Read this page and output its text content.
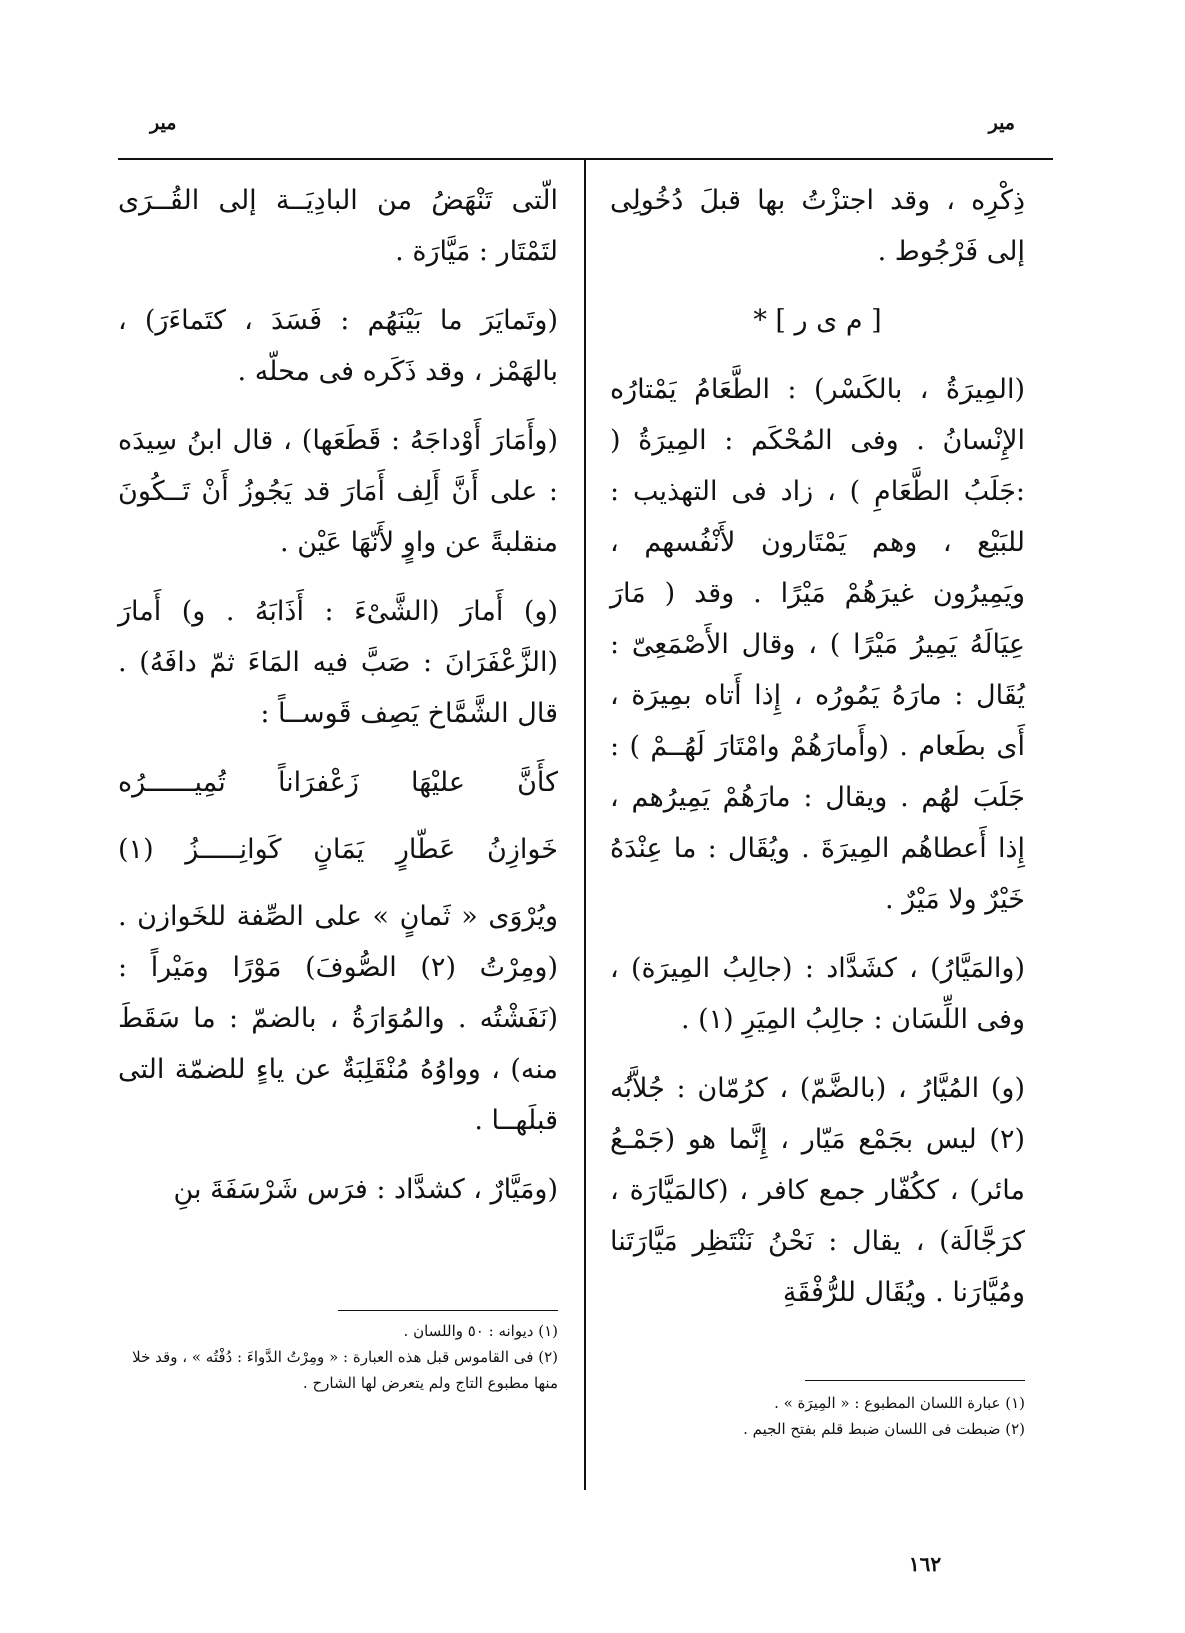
مير
مير

ذِكْرِه ، وقد اجتزْتُ بها قبلَ دُخُولِى إلى فَرْجُوط .

[ م ى ر ] *

(المِيرَةُ ، بالكَسْر) : الطَّعَامُ يَمْتارُه الإِنْسانُ . وفى المُحْكَم : المِيرَةُ ( :جَلَبُ الطَّعَامِ ) ، زاد فى التهذيب : للبَيْع ، وهم يَمْتَارون لأَنْفُسهم ، ويَمِيرُون غيرَهُمْ مَيْرًا . وقد ( مَارَ عِيَالَهُ يَمِيرُ مَيْرًا ) ، وقال الأَصْمَعِىّ : يُقَال : مارَهُ يَمُورُه ، إِذا أَتاه بمِيرَة ، أَى بطَعام . (وأَمارَهُمْ وامْتَارَ لَهُــمْ ) : جَلَبَ لهُم . ويقال : مارَهُمْ يَمِيرُهم ، إِذا أَعطاهُم المِيرَةَ . ويُقَال : ما عِنْدَهُ خَيْرٌ ولا مَيْرٌ .

(والمَيَّارُ) ، كشَدَّاد : (جالِبُ المِيرَة) ، وفى اللِّسَان : جالِبُ المِيَرِ (١) .

(و) المُيَّارُ ، (بالضَّمّ) ، كرُمّان : جُلاَّبُه (٢) ليس بجَمْع مَيّار ، إِنَّما هو (جَمْـعُ مائر) ، ككُفّار جمع كافر ، (كالمَيَّارَة ، كرَجَّالَة) ، يقال : نَحْنُ نَنْتَظِر مَيَّارَتَنا ومُيَّارَنا . ويُقَال للرُّفْقَةِ

الّتى تَنْهَضُ من البادِيَــة إلى القُــرَى لتَمْتَار : مَيَّارَة .

(وتَمايَرَ ما بَيْنَهُم : فَسَدَ ، كتَماءَرَ) ، بالهَمْز ، وقد ذَكَره فى محلّه .

(وأَمَارَ أَوْداجَهُ : قَطَعَها) ، قال ابنُ سِيدَه : على أَنَّ أَلِف أَمَارَ قد يَجُوزُ أَنْ تَــكُونَ منقلبةً عن واوٍ لأَنّهَا عَيْن .

(و) أَمارَ (الشَّىْءَ : أَذَابَهُ . و) أَمارَ (الزَّعْفَرَانَ : صَبَّ فيه المَاءَ ثمّ دافَهُ) . قال الشَّمَّاخ يَصِف قَوســاً :

كأَنَّ عليْهَا زَعْفرَاناً تُمِيــــــرُه
خَوازِنُ عَطّارٍ يَمَانٍ كَوانِـــــزُ (١)

ويُرْوَى « ثَمانٍ » على الصِّفة للخَوازن . (ومِرْتُ (٢) الصُّوفَ) مَوْرًا ومَيْراً : (نَفَشْتُه . والمُوَارَةُ ، بالضمّ : ما سَقَطَ منه) ، وواوُهُ مُنْقَلِبَةٌ عن ياءٍ للضمّة التى قبلَهــا .

(ومَيَّارٌ ، كشدَّاد : فرَس شَرْسَفَةَ بنِ

(١) عبارة اللسان المطبوع : « المِيرَة » .

(٢) ضبطت فى اللسان ضبط قلم بفتح الجيم .

(١) ديوانه : ٥٠ واللسان .

(٢) فى القاموس قبل هذه العبارة : « ومِرْتُ الدَّواءَ : دُفْتُه » ، وقد خلا منها مطبوع التاج ولم يتعرض لها الشارح .

١٦٢
